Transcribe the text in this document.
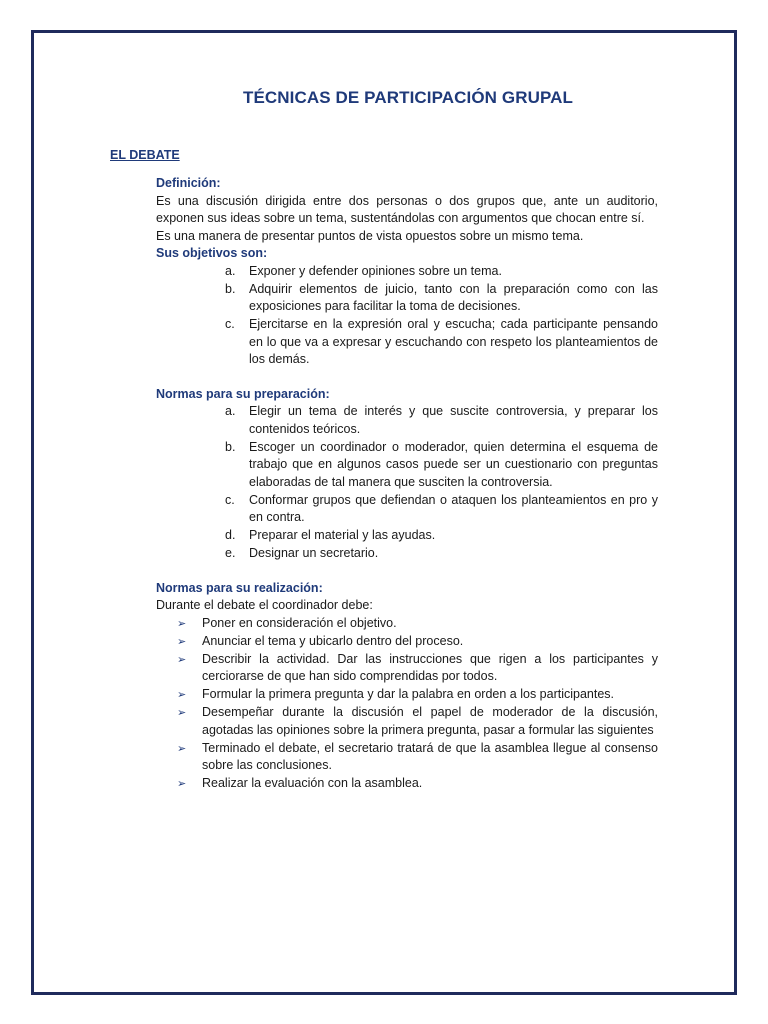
TÉCNICAS DE PARTICIPACIÓN GRUPAL
EL DEBATE
Definición:

Es una discusión dirigida entre dos personas o dos grupos que, ante un auditorio, exponen sus ideas sobre un tema, sustentándolas con argumentos que chocan entre sí.

Es una manera de presentar puntos de vista opuestos sobre un mismo tema.

Sus objetivos son:
a. Exponer y defender opiniones sobre un tema.
b. Adquirir elementos de juicio, tanto con la preparación como con las exposiciones para facilitar la toma de decisiones.
c. Ejercitarse en la expresión oral y escucha; cada participante pensando en lo que va a expresar y escuchando con respeto los planteamientos de los demás.
Normas para su preparación:
a. Elegir un tema de interés y que suscite controversia, y preparar los contenidos teóricos.
b. Escoger un coordinador o moderador, quien determina el esquema de trabajo que en algunos casos puede ser un cuestionario con preguntas elaboradas de tal manera que susciten la controversia.
c. Conformar grupos que defiendan o ataquen los planteamientos en pro y en contra.
d. Preparar el material y las ayudas.
e. Designar un secretario.
Normas para su realización:

Durante el debate el coordinador debe:

➢ Poner en consideración el objetivo.
➢ Anunciar el tema y ubicarlo dentro del proceso.
➢ Describir la actividad. Dar las instrucciones que rigen a los participantes y cerciorarse de que han sido comprendidas por todos.
➢ Formular la primera pregunta y dar la palabra en orden a los participantes.
➢ Desempeñar durante la discusión el papel de moderador de la discusión, agotadas las opiniones sobre la primera pregunta, pasar a formular las siguientes
➢ Terminado el debate, el secretario tratará de que la asamblea llegue al consenso sobre las conclusiones.
➢ Realizar la evaluación con la asamblea.
